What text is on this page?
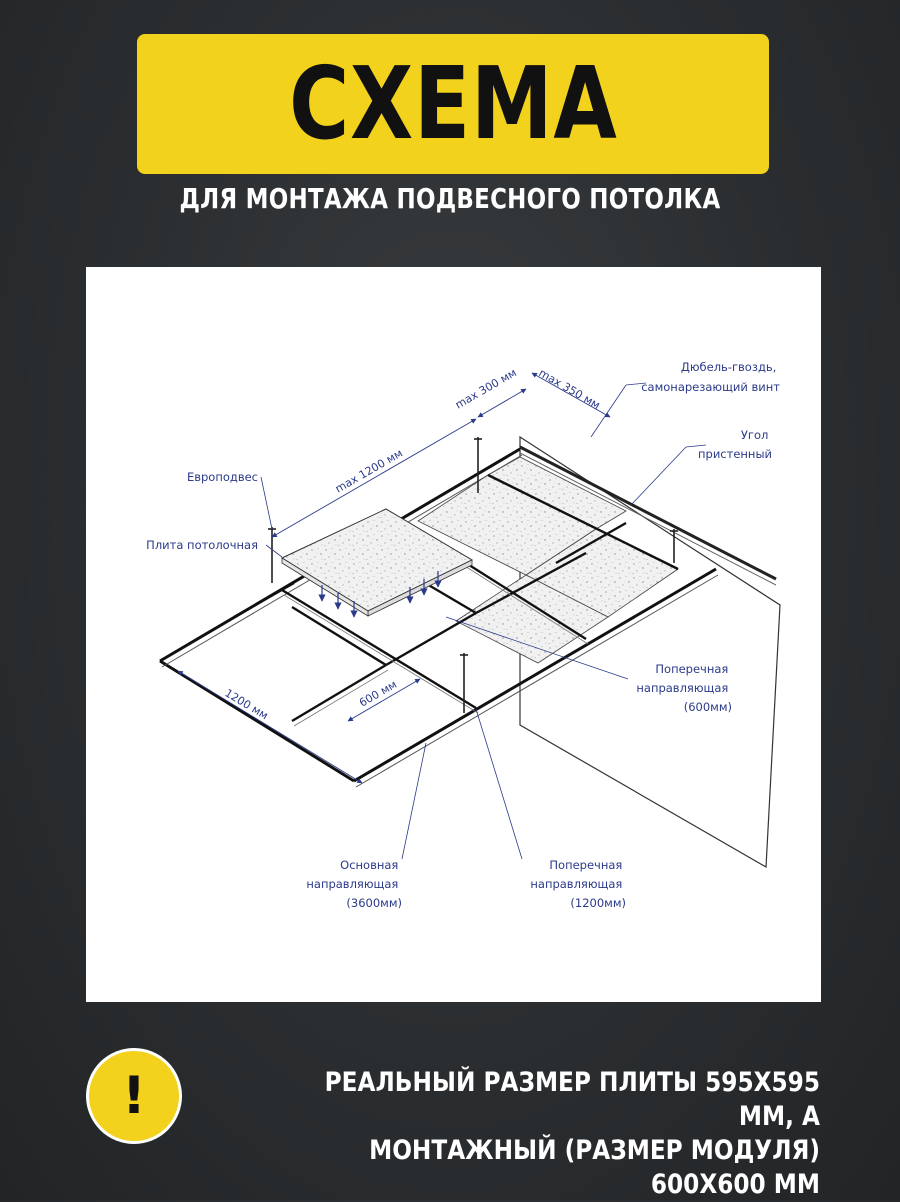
СХЕМА
ДЛЯ МОНТАЖА ПОДВЕСНОГО ПОТОЛКА
Дюбель-гвоздь, самонарезающий винт
Угол пристенный
Европодвес
Плита потолочная
Поперечная направляющая (600мм)
Основная направляющая (3600мм)
Поперечная направляющая (1200мм)
max 300 мм max 350 мм
max 1200 мм
1200 мм	600 мм
!	РЕАЛЬНЫЙ РАЗМЕР ПЛИТЫ 595Х595 ММ, А
МОНТАЖНЫЙ (РАЗМЕР МОДУЛЯ) 600Х600 ММ
